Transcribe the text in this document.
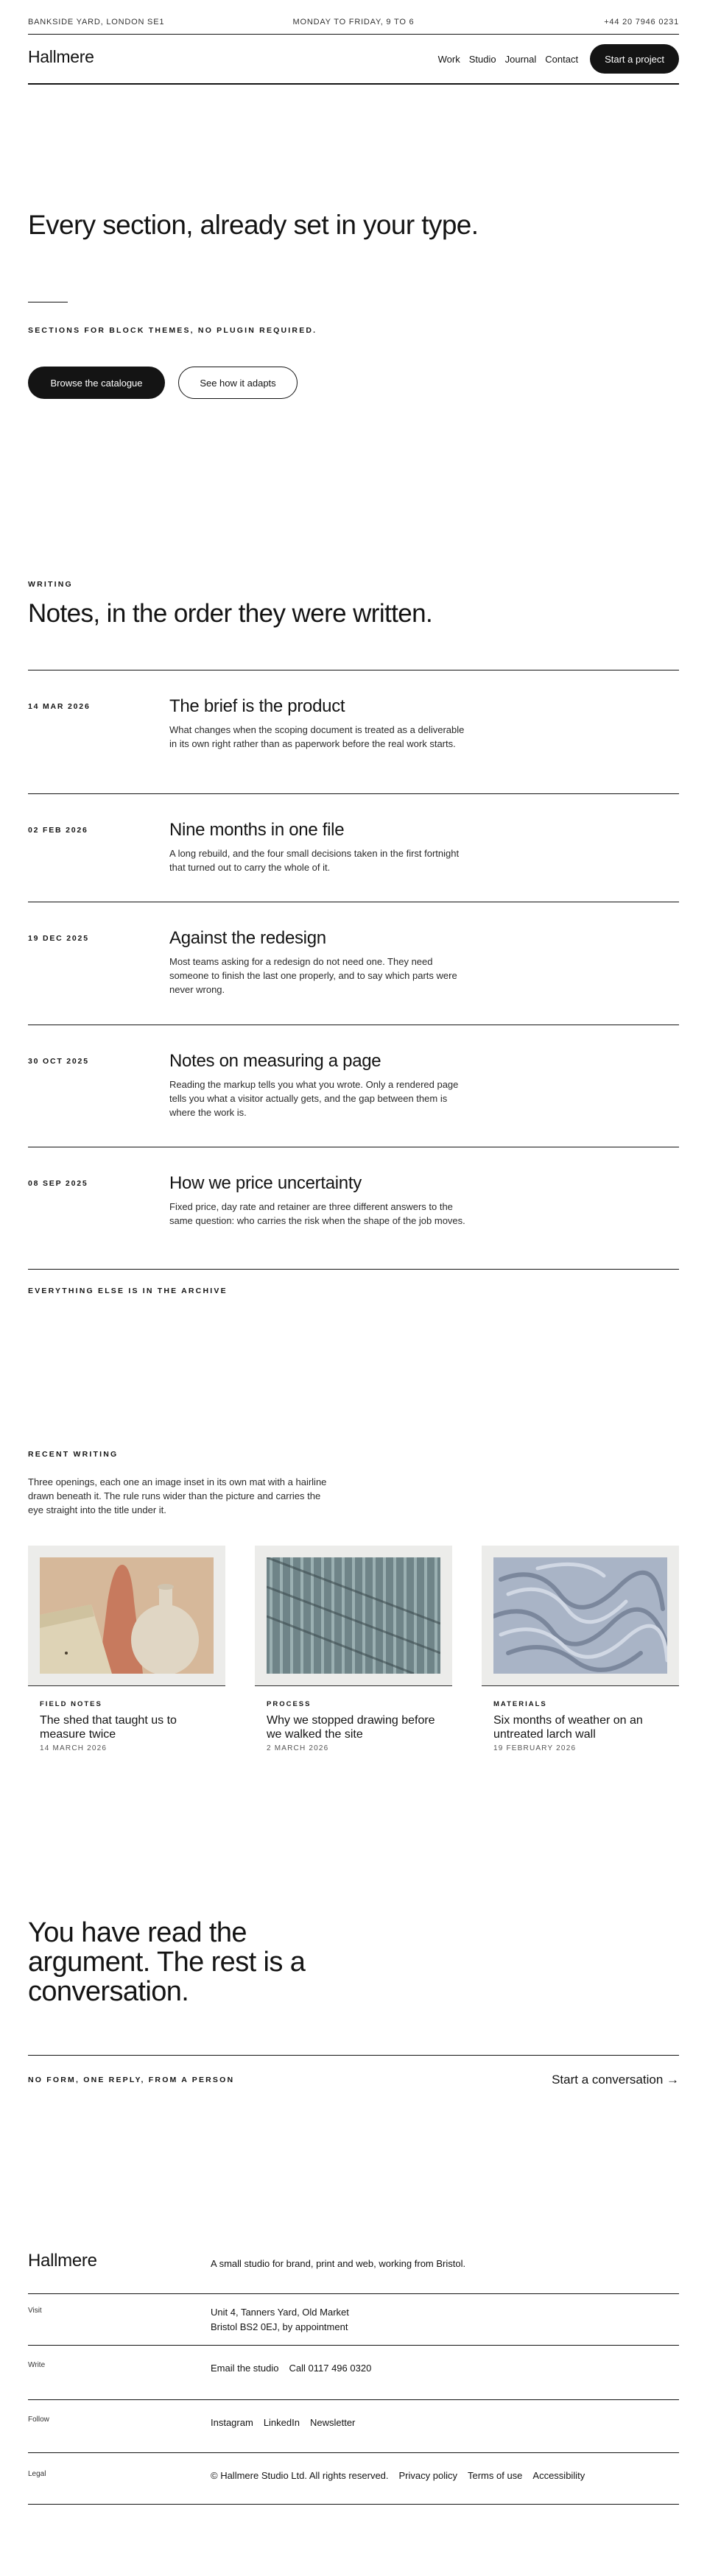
BANKSIDE YARD, LONDON SE1	MONDAY TO FRIDAY, 9 TO 6	+44 20 7946 0231
Hallmere	Work Studio Journal Contact	Start a project
Every section, already set in your type.
SECTIONS FOR BLOCK THEMES, NO PLUGIN REQUIRED.
Browse the catalogue	See how it adapts
WRITING
Notes, in the order they were written.
14 MAR 2026	The brief is the product
What changes when the scoping document is treated as a deliverable in its own right rather than as paperwork before the real work starts.
02 FEB 2026	Nine months in one file
A long rebuild, and the four small decisions taken in the first fortnight that turned out to carry the whole of it.
19 DEC 2025	Against the redesign
Most teams asking for a redesign do not need one. They need someone to finish the last one properly, and to say which parts were never wrong.
30 OCT 2025	Notes on measuring a page
Reading the markup tells you what you wrote. Only a rendered page tells you what a visitor actually gets, and the gap between them is where the work is.
08 SEP 2025	How we price uncertainty
Fixed price, day rate and retainer are three different answers to the same question: who carries the risk when the shape of the job moves.
EVERYTHING ELSE IS IN THE ARCHIVE
RECENT WRITING

Three openings, each one an image inset in its own mat with a hairline drawn beneath it. The rule runs wider than the picture and carries the eye straight into the title under it.

FIELD NOTES
The shed that taught us to measure twice
14 MARCH 2026
PROCESS
Why we stopped drawing before we walked the site
2 MARCH 2026
MATERIALS
Six months of weather on an untreated larch wall
19 FEBRUARY 2026
You have read the argument. The rest is a conversation.
NO FORM, ONE REPLY, FROM A PERSON	Start a conversation →
Hallmere	A small studio for brand, print and web, working from Bristol.
Visit	Unit 4, Tanners Yard, Old Market
Bristol BS2 0EJ, by appointment
Write	Email the studio Call 0117 496 0320
Follow	Instagram LinkedIn Newsletter
Legal	© Hallmere Studio Ltd. All rights reserved. Privacy policy Terms of use Accessibility
